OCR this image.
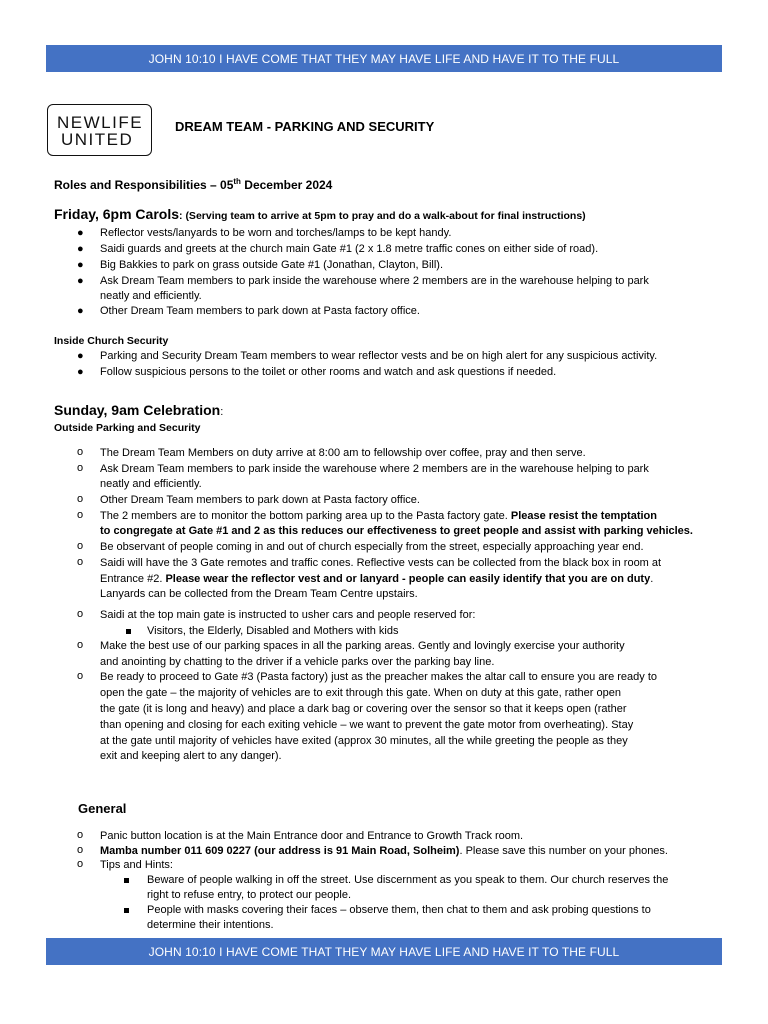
JOHN 10:10 I HAVE COME THAT THEY MAY HAVE LIFE AND HAVE IT TO THE FULL
NEWLIFE
UNITED
DREAM TEAM - PARKING AND SECURITY
Roles and Responsibilities – 05th December 2024
Friday, 6pm Carols: (Serving team to arrive at 5pm to pray and do a walk-about for final instructions)
● Reflector vests/lanyards to be worn and torches/lamps to be kept handy.
● Saidi guards and greets at the church main Gate #1 (2 x 1.8 metre traffic cones on either side of road).
● Big Bakkies to park on grass outside Gate #1 (Jonathan, Clayton, Bill).
● Ask Dream Team members to park inside the warehouse where 2 members are in the warehouse helping to park
neatly and efficiently.
● Other Dream Team members to park down at Pasta factory office.
Inside Church Security
● Parking and Security Dream Team members to wear reflector vests and be on high alert for any suspicious activity.
● Follow suspicious persons to the toilet or other rooms and watch and ask questions if needed.
Sunday, 9am Celebration:
Outside Parking and Security
o The Dream Team Members on duty arrive at 8:00 am to fellowship over coffee, pray and then serve.
o Ask Dream Team members to park inside the warehouse where 2 members are in the warehouse helping to park
neatly and efficiently.
o Other Dream Team members to park down at Pasta factory office.
o The 2 members are to monitor the bottom parking area up to the Pasta factory gate. Please resist the temptation
to congregate at Gate #1 and 2 as this reduces our effectiveness to greet people and assist with parking vehicles.
o Be observant of people coming in and out of church especially from the street, especially approaching year end.
o Saidi will have the 3 Gate remotes and traffic cones. Reflective vests can be collected from the black box in room at
Entrance #2. Please wear the reflector vest and or lanyard - people can easily identify that you are on duty.
Lanyards can be collected from the Dream Team Centre upstairs.
o Saidi at the top main gate is instructed to usher cars and people reserved for:
Visitors, the Elderly, Disabled and Mothers with kids
o Make the best use of our parking spaces in all the parking areas. Gently and lovingly exercise your authority
and anointing by chatting to the driver if a vehicle parks over the parking bay line.
o Be ready to proceed to Gate #3 (Pasta factory) just as the preacher makes the altar call to ensure you are ready to
open the gate – the majority of vehicles are to exit through this gate. When on duty at this gate, rather open
the gate (it is long and heavy) and place a dark bag or covering over the sensor so that it keeps open (rather
than opening and closing for each exiting vehicle – we want to prevent the gate motor from overheating). Stay
at the gate until majority of vehicles have exited (approx 30 minutes, all the while greeting the people as they
exit and keeping alert to any danger).
General
o Panic button location is at the Main Entrance door and Entrance to Growth Track room.
o Mamba number 011 609 0227 (our address is 91 Main Road, Solheim). Please save this number on your phones.
o Tips and Hints:
Beware of people walking in off the street. Use discernment as you speak to them. Our church reserves the
right to refuse entry, to protect our people.
People with masks covering their faces – observe them, then chat to them and ask probing questions to
determine their intentions.
JOHN 10:10 I HAVE COME THAT THEY MAY HAVE LIFE AND HAVE IT TO THE FULL
